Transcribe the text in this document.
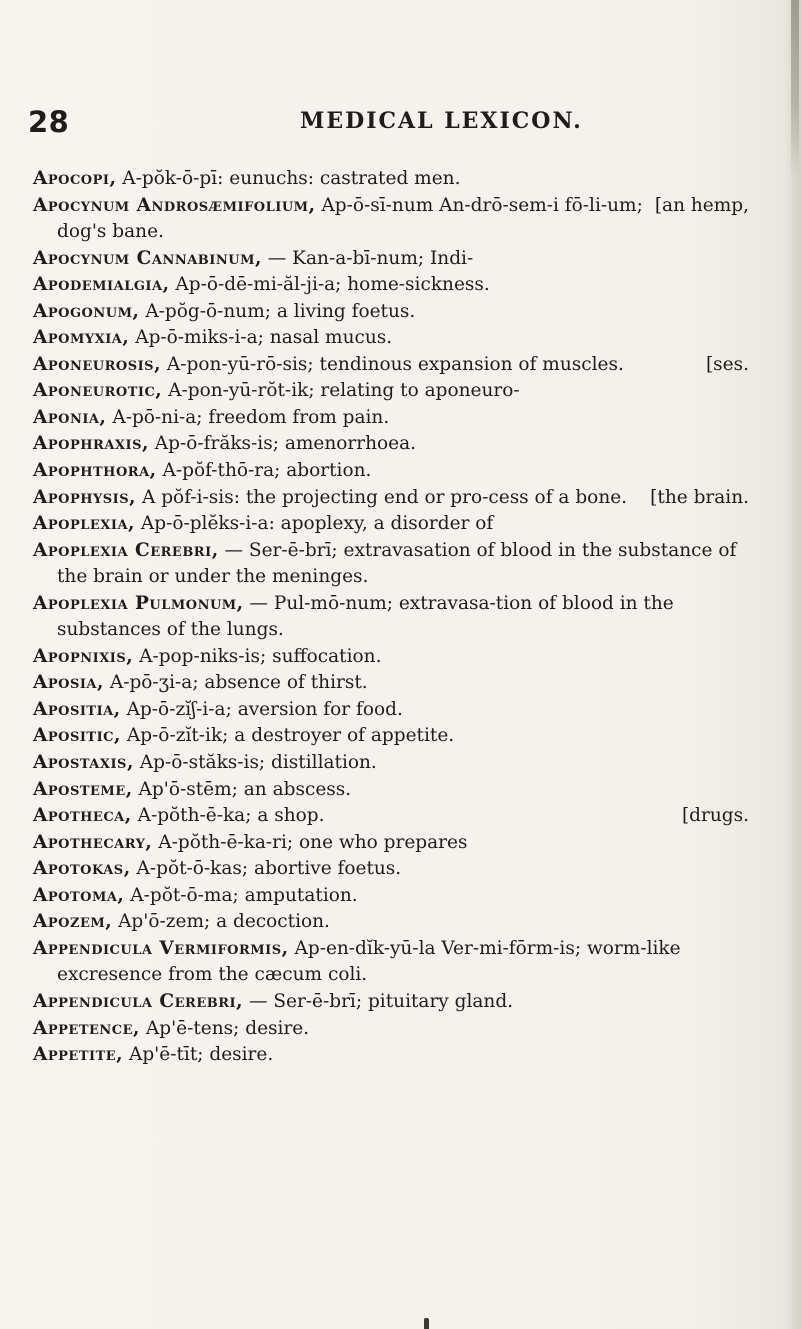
28	MEDICAL LEXICON.
Apocopi, A-pŏk-ō-pī: eunuchs: castrated men.
[an hemp,
Apocynum Androsæmifolium, Ap-ō-sī-num An-drō-sem-i fō-li-um; dog's bane.
Apocynum Cannabinum, — Kan-a-bī-num; Indi-
Apodemialgia, Ap-ō-dē-mi-ăl-ji-a; home-sickness.
Apogonum, A-pŏg-ō-num; a living foetus.
Apomyxia, Ap-ō-miks-i-a; nasal mucus.
[ses.
Aponeurosis, A-pon-yū-rō-sis; tendinous expansion of muscles.
Aponeurotic, A-pon-yū-rŏt-ik; relating to aponeuro-
Aponia, A-pō-ni-a; freedom from pain.
Apophraxis, Ap-ō-frăks-is; amenorrhoea.
Apophthora, A-pŏf-thō-ra; abortion.
[the brain.
Apophysis, A pŏf-i-sis: the projecting end or pro-cess of a bone.
Apoplexia, Ap-ō-plĕks-i-a: apoplexy, a disorder of
Apoplexia Cerebri, — Ser-ē-brī; extravasation of blood in the substance of the brain or under the meninges.
Apoplexia Pulmonum, — Pul-mō-num; extravasa-tion of blood in the substances of the lungs.
Apopnixis, A-pop-niks-is; suffocation.
Aposia, A-pō-ʒi-a; absence of thirst.
Apositia, Ap-ō-zĭʃ-i-a; aversion for food.
Apositic, Ap-ō-zĭt-ik; a destroyer of appetite.
Apostaxis, Ap-ō-stăks-is; distillation.
Aposteme, Ap'ō-stēm; an abscess.
[drugs.
Apotheca, A-pŏth-ē-ka; a shop.
Apothecary, A-pŏth-ē-ka-ri; one who prepares
Apotokas, A-pŏt-ō-kas; abortive foetus.
Apotoma, A-pŏt-ō-ma; amputation.
Apozem, Ap'ō-zem; a decoction.
Appendicula Vermiformis, Ap-en-dĭk-yū-la Ver-mi-fōrm-is; worm-like excresence from the cæcum coli.
Appendicula Cerebri, — Ser-ē-brī; pituitary gland.
Appetence, Ap'ē-tens; desire.
Appetite, Ap'ē-tīt; desire.
